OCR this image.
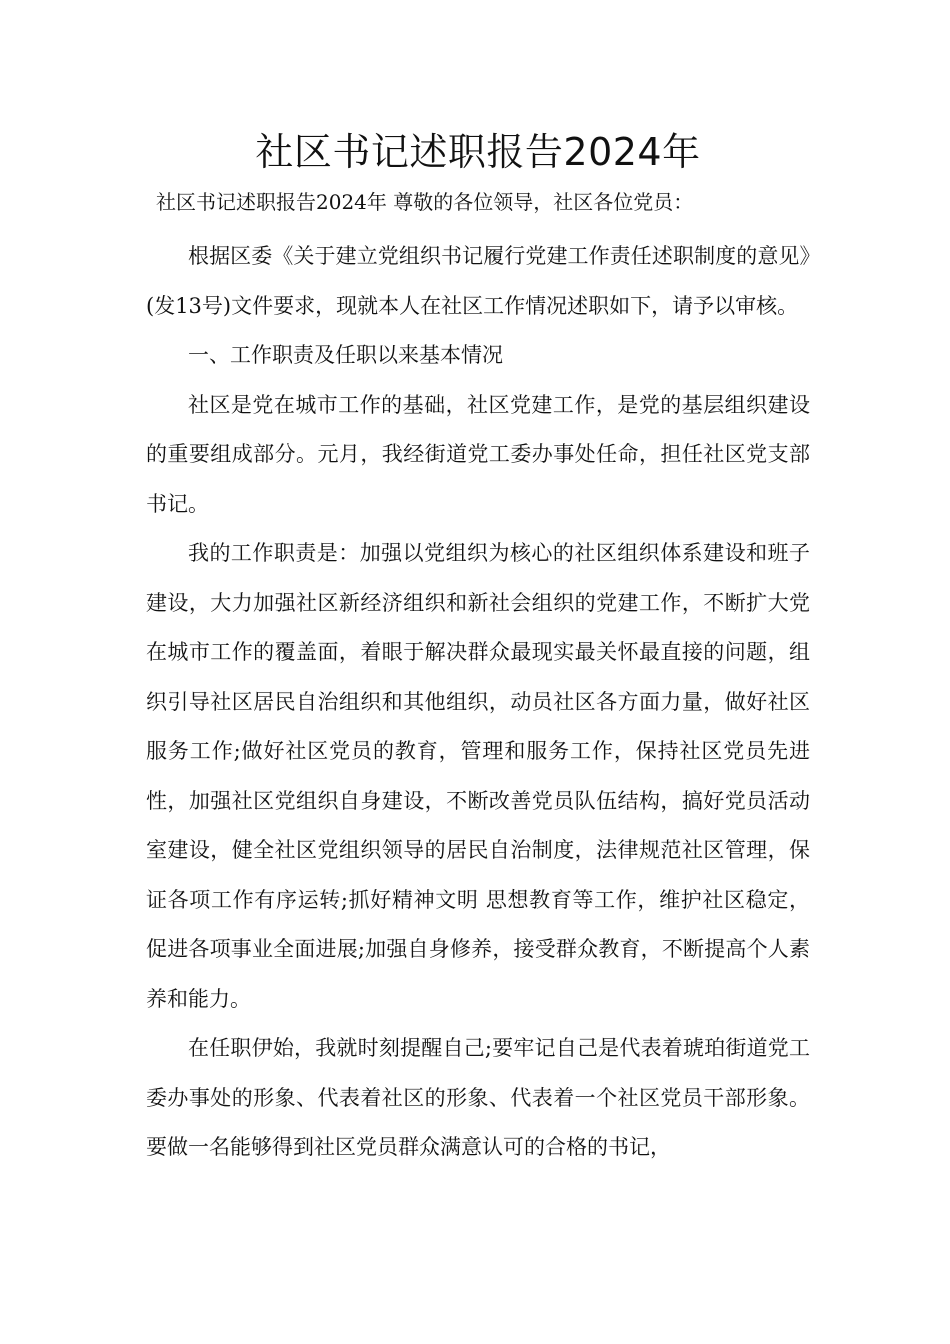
社区书记述职报告2024年

社区书记述职报告2024年 尊敬的各位领导，社区各位党员：

根据区委《关于建立党组织书记履行党建工作责任述职制度的意见》(发13号)文件要求，现就本人在社区工作情况述职如下，请予以审核。

一、工作职责及任职以来基本情况

社区是党在城市工作的基础，社区党建工作，是党的基层组织建设的重要组成部分。元月，我经街道党工委办事处任命，担任社区党支部书记。

我的工作职责是：加强以党组织为核心的社区组织体系建设和班子建设，大力加强社区新经济组织和新社会组织的党建工作，不断扩大党在城市工作的覆盖面，着眼于解决群众最现实最关怀最直接的问题，组织引导社区居民自治组织和其他组织，动员社区各方面力量，做好社区服务工作;做好社区党员的教育，管理和服务工作，保持社区党员先进性，加强社区党组织自身建设，不断改善党员队伍结构，搞好党员活动室建设，健全社区党组织领导的居民自治制度，法律规范社区管理，保证各项工作有序运转;抓好精神文明 思想教育等工作，维护社区稳定，促进各项事业全面进展;加强自身修养，接受群众教育，不断提高个人素养和能力。

在任职伊始，我就时刻提醒自己;要牢记自己是代表着琥珀街道党工委办事处的形象、代表着社区的形象、代表着一个社区党员干部形象。要做一名能够得到社区党员群众满意认可的合格的书记，
